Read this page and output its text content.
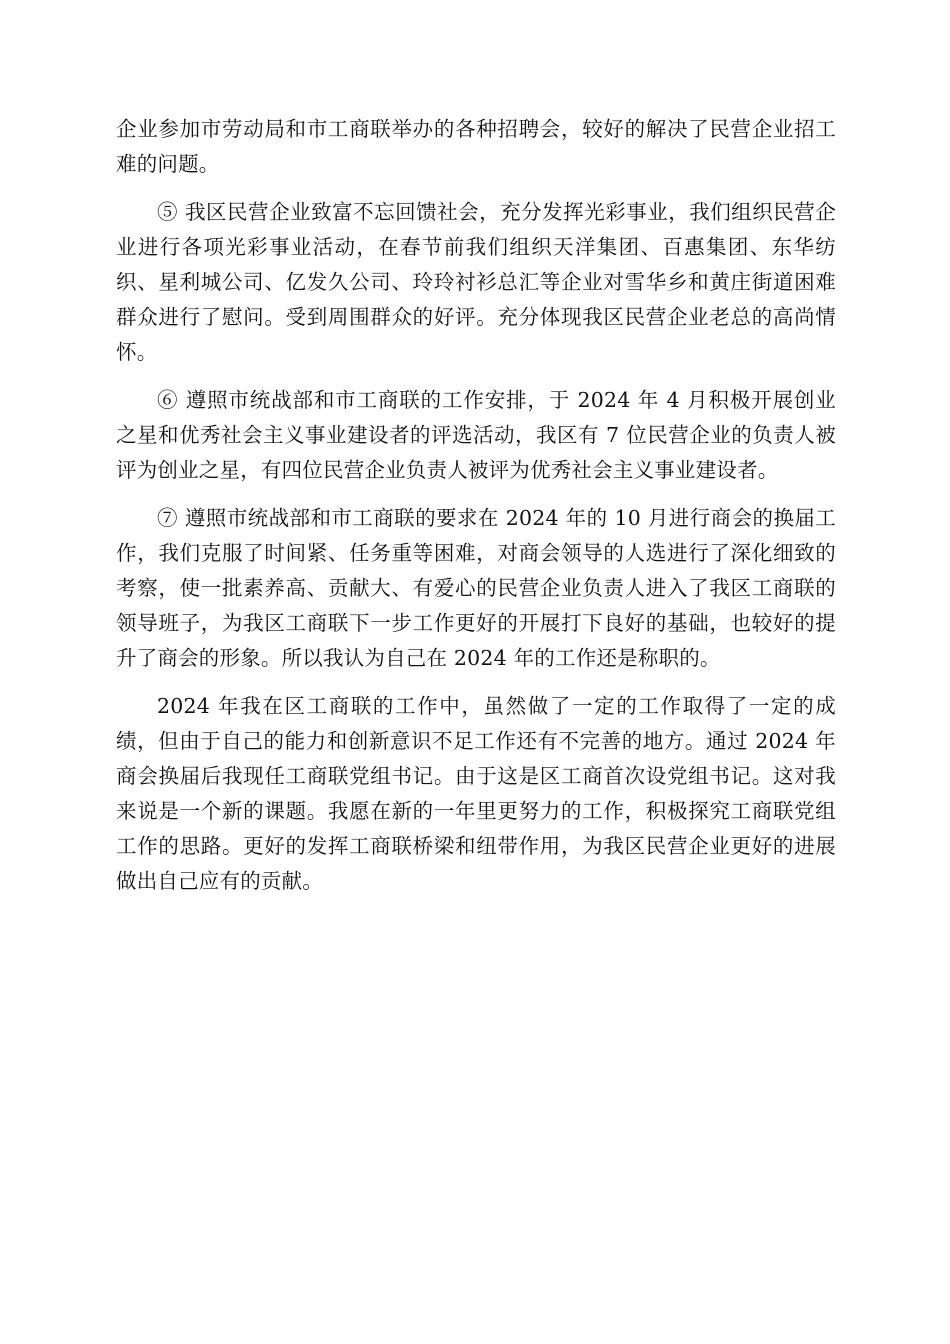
企业参加市劳动局和市工商联举办的各种招聘会，较好的解决了民营企业招工难的问题。

⑤ 我区民营企业致富不忘回馈社会，充分发挥光彩事业，我们组织民营企业进行各项光彩事业活动，在春节前我们组织天洋集团、百惠集团、东华纺织、星利城公司、亿发久公司、玲玲衬衫总汇等企业对雪华乡和黄庄街道困难群众进行了慰问。受到周围群众的好评。充分体现我区民营企业老总的高尚情怀。

⑥ 遵照市统战部和市工商联的工作安排，于 2024 年 4 月积极开展创业之星和优秀社会主义事业建设者的评选活动，我区有 7 位民营企业的负责人被评为创业之星，有四位民营企业负责人被评为优秀社会主义事业建设者。

⑦ 遵照市统战部和市工商联的要求在 2024 年的 10 月进行商会的换届工作，我们克服了时间紧、任务重等困难，对商会领导的人选进行了深化细致的考察，使一批素养高、贡献大、有爱心的民营企业负责人进入了我区工商联的领导班子，为我区工商联下一步工作更好的开展打下良好的基础，也较好的提升了商会的形象。所以我认为自己在 2024 年的工作还是称职的。

2024 年我在区工商联的工作中，虽然做了一定的工作取得了一定的成绩，但由于自己的能力和创新意识不足工作还有不完善的地方。通过 2024 年商会换届后我现任工商联党组书记。由于这是区工商首次设党组书记。这对我来说是一个新的课题。我愿在新的一年里更努力的工作，积极探究工商联党组工作的思路。更好的发挥工商联桥梁和纽带作用，为我区民营企业更好的进展做出自己应有的贡献。
